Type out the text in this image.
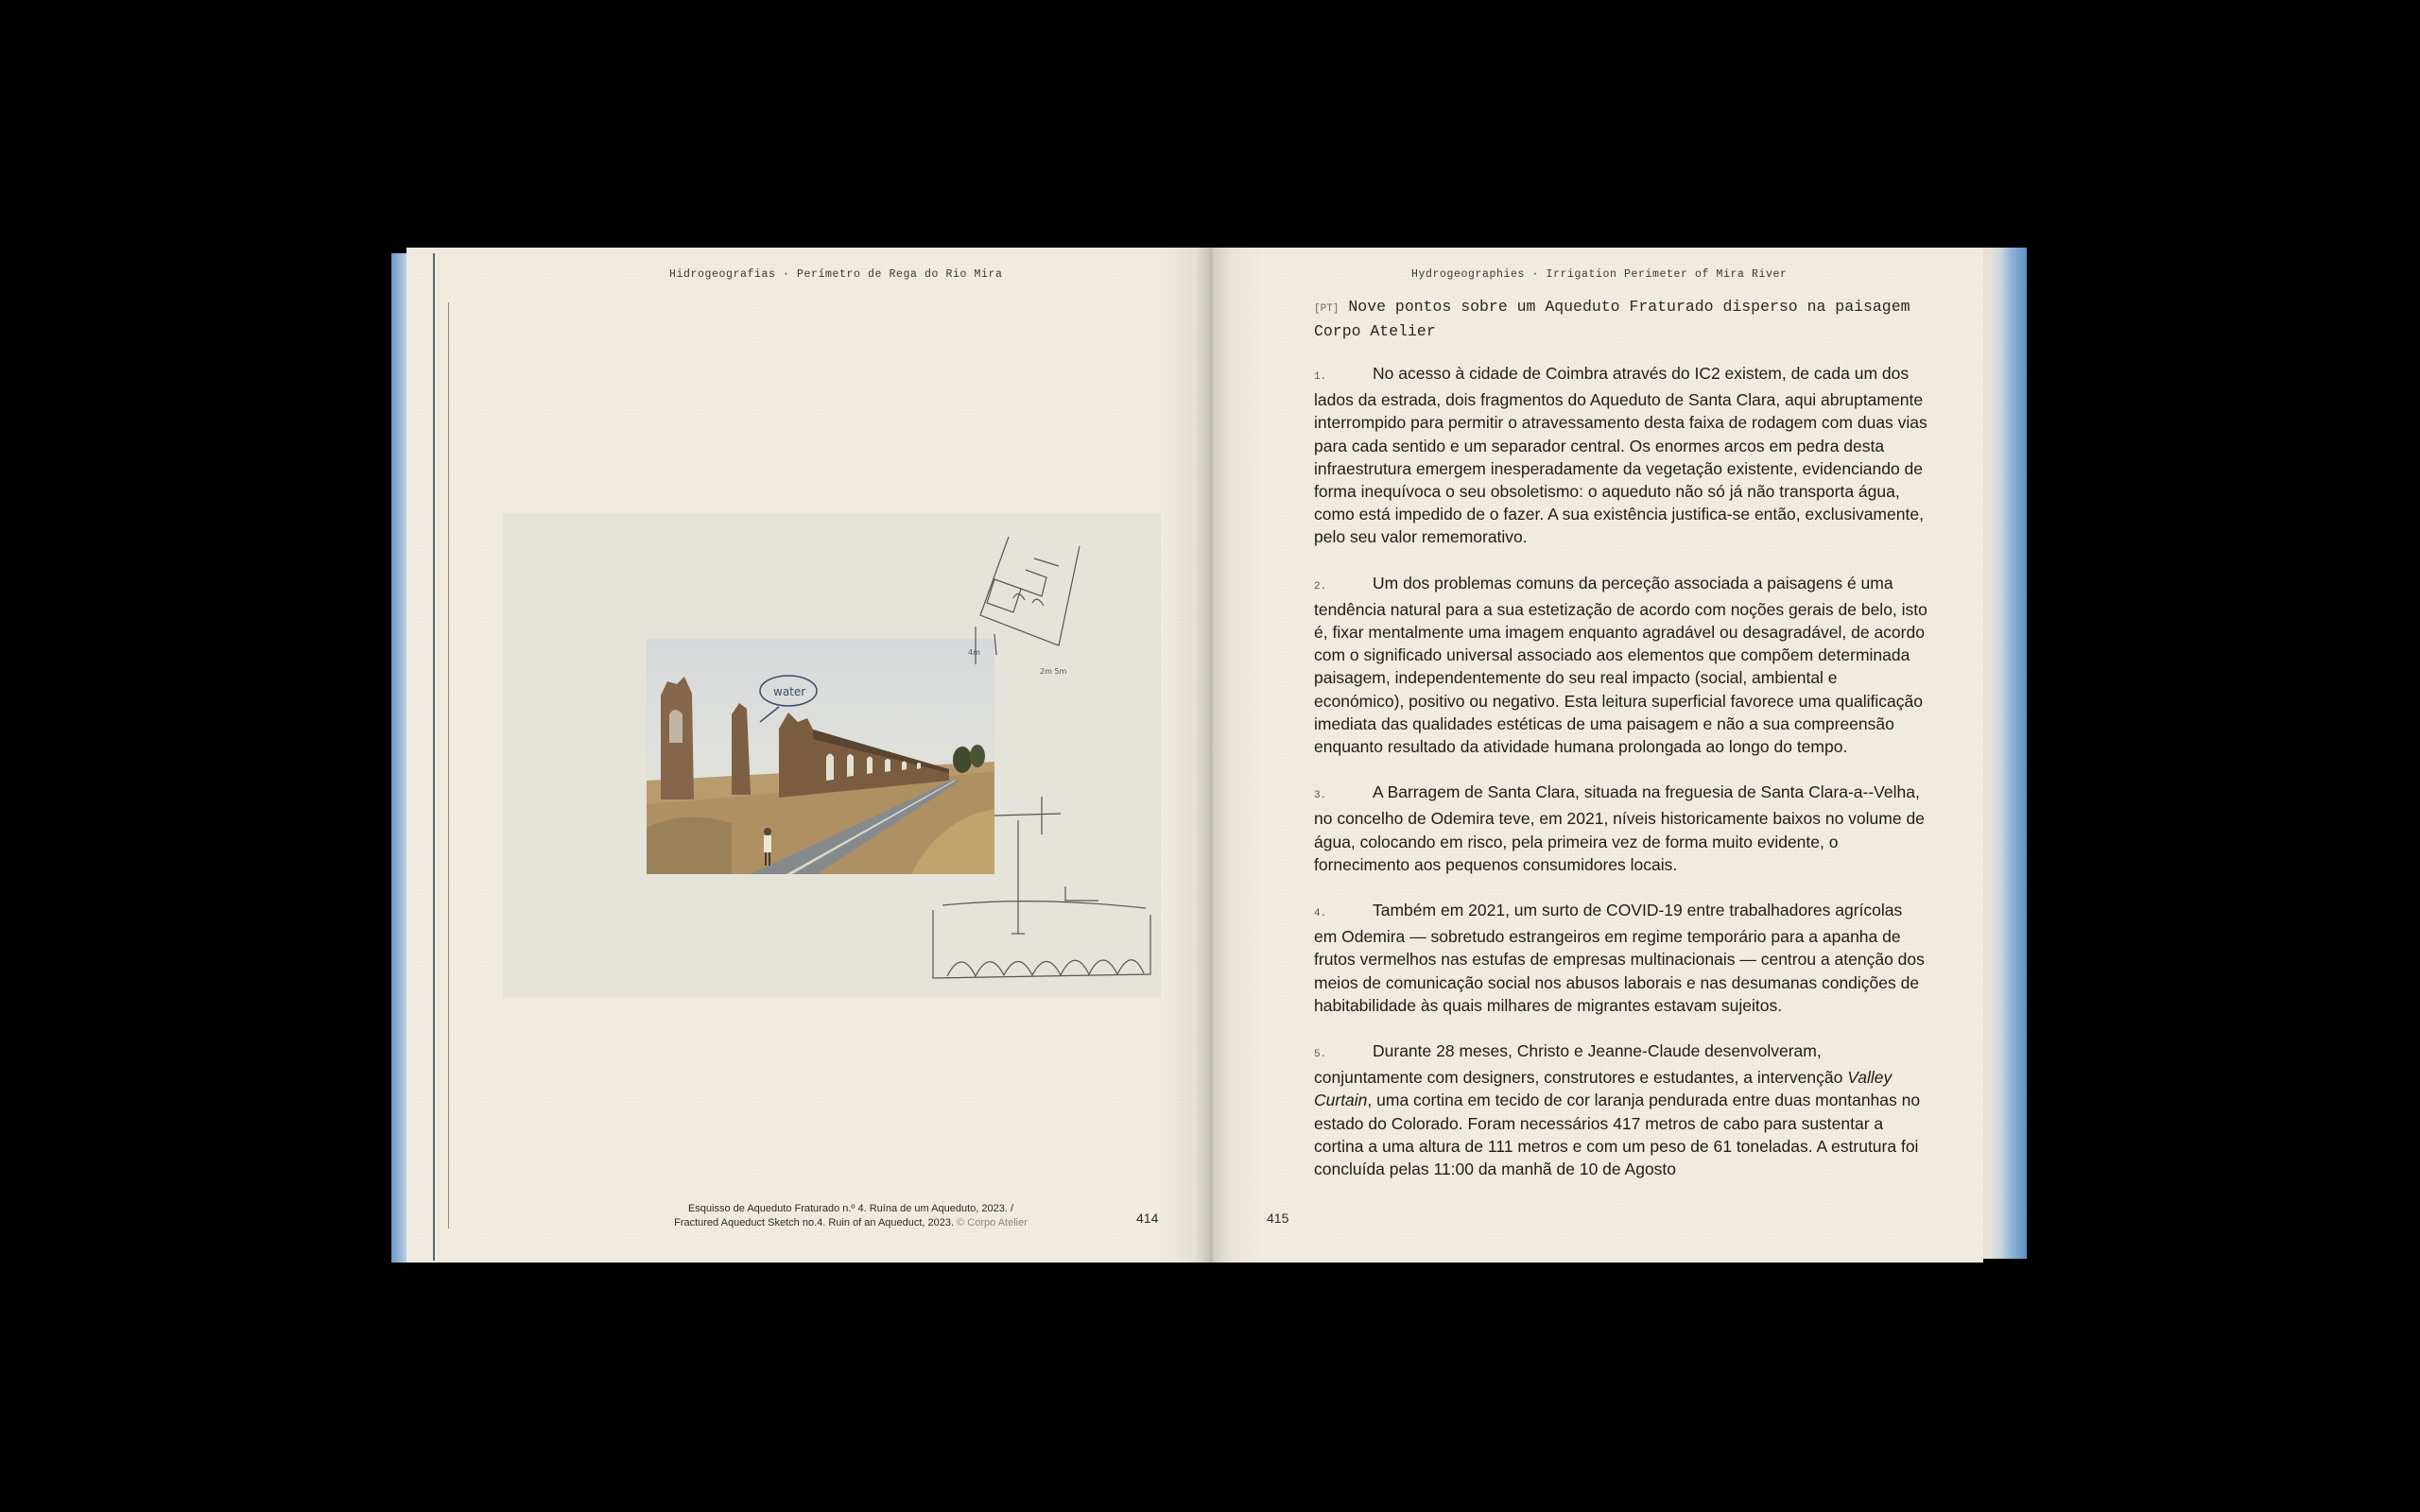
Hidrogeografias · Perímetro de Rega do Rio Mira
water
4m
2m 5m
Esquisso de Aqueduto Fraturado n.º 4. Ruína de um Aqueduto, 2023. /
Fractured Aqueduct Sketch no.4. Ruin of an Aqueduct, 2023. © Corpo Atelier	414
Hydrogeographies · Irrigation Perimeter of Mira River
[PT] Nove pontos sobre um Aqueduto Fraturado disperso na paisagem
Corpo Atelier

1.	No acesso à cidade de Coimbra através do IC2 existem, de cada um dos lados da estrada, dois fragmentos do Aqueduto de Santa Clara, aqui abruptamente interrompido para permitir o atravessamento desta faixa de rodagem com duas vias para cada sentido e um separador central. Os enormes arcos em pedra desta infraestrutura emergem inesperadamente da vegetação existente, evidenciando de forma inequívoca o seu obsoletismo: o aqueduto não só já não transporta água, como está impedido de o fazer. A sua existência justifica-se então, exclusivamente, pelo seu valor rememorativo.

2.	Um dos problemas comuns da perceção associada a paisagens é uma tendência natural para a sua estetização de acordo com noções gerais de belo, isto é, fixar mentalmente uma imagem enquanto agradável ou desagradável, de acordo com o significado universal associado aos elementos que compõem determinada paisagem, independentemente do seu real impacto (social, ambiental e económico), positivo ou negativo. Esta leitura superficial favorece uma qualificação imediata das qualidades estéticas de uma paisagem e não a sua compreensão enquanto resultado da atividade humana prolongada ao longo do tempo.

3.	A Barragem de Santa Clara, situada na freguesia de Santa Clara-a--Velha, no concelho de Odemira teve, em 2021, níveis historicamente baixos no volume de água, colocando em risco, pela primeira vez de forma muito evidente, o fornecimento aos pequenos consumidores locais.

4.	Também em 2021, um surto de COVID-19 entre trabalhadores agrícolas em Odemira — sobretudo estrangeiros em regime temporário para a apanha de frutos vermelhos nas estufas de empresas multinacionais — centrou a atenção dos meios de comunicação social nos abusos laborais e nas desumanas condições de habitabilidade às quais milhares de migrantes estavam sujeitos.

5.	Durante 28 meses, Christo e Jeanne-Claude desenvolveram, conjuntamente com designers, construtores e estudantes, a intervenção Valley Curtain, uma cortina em tecido de cor laranja pendurada entre duas montanhas no estado do Colorado. Foram necessários 417 metros de cabo para sustentar a cortina a uma altura de 111 metros e com um peso de 61 toneladas. A estrutura foi concluída pelas 11:00 da manhã de 10 de Agosto

415
